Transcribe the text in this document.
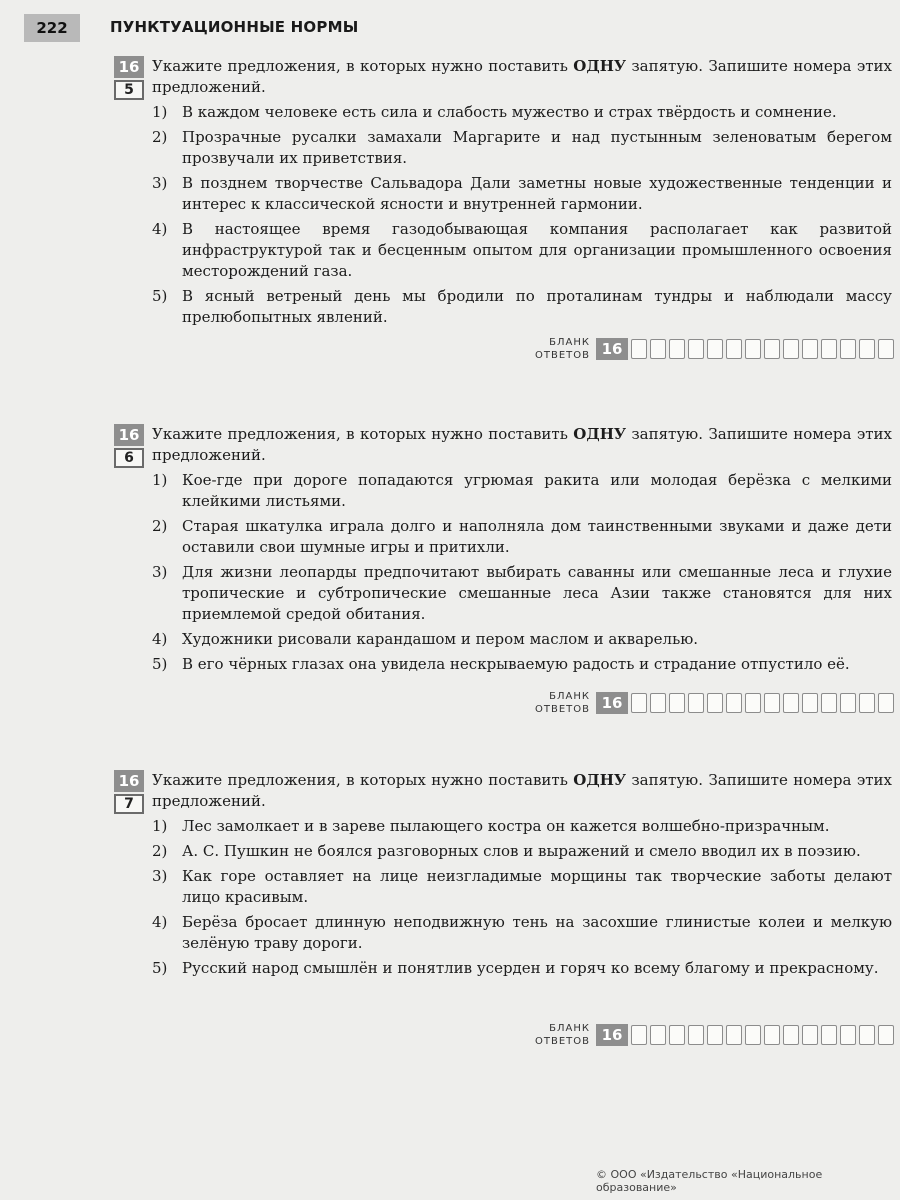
222	ПУНКТУАЦИОННЫЕ НОРМЫ
16
5
Укажите предложения, в которых нужно поставить ОДНУ запятую. Запишите номера этих предложений.
1) В каждом человеке есть сила и слабость мужество и страх твёрдость и сомнение.
2) Прозрачные русалки замахали Маргарите и над пустынным зеленоватым берегом прозвучали их приветствия.
3) В позднем творчестве Сальвадора Дали заметны новые художественные тенденции и интерес к классической ясности и внутренней гармонии.
4) В настоящее время газодобывающая компания располагает как развитой инфраструктурой так и бесценным опытом для организации промышленного освоения месторождений газа.
5) В ясный ветреный день мы бродили по проталинам тундры и наблюдали массу прелюбопытных явлений.
БЛАНК
ОТВЕТОВ 16
16
6
Укажите предложения, в которых нужно поставить ОДНУ запятую. Запишите номера этих предложений.
1) Кое-где при дороге попадаются угрюмая ракита или молодая берёзка с мелкими клейкими листьями.
2) Старая шкатулка играла долго и наполняла дом таинственными звуками и даже дети оставили свои шумные игры и притихли.
3) Для жизни леопарды предпочитают выбирать саванны или смешанные леса и глухие тропические и субтропические смешанные леса Азии также становятся для них приемлемой средой обитания.
4) Художники рисовали карандашом и пером маслом и акварелью.
5) В его чёрных глазах она увидела нескрываемую радость и страдание отпустило её.
БЛАНК
ОТВЕТОВ 16
16
7
Укажите предложения, в которых нужно поставить ОДНУ запятую. Запишите номера этих предложений.
1) Лес замолкает и в зареве пылающего костра он кажется волшебно-призрачным.
2) А. С. Пушкин не боялся разговорных слов и выражений и смело вводил их в поэзию.
3) Как горе оставляет на лице неизгладимые морщины так творческие заботы делают лицо красивым.
4) Берёза бросает длинную неподвижную тень на засохшие глинистые колеи и мелкую зелёную траву дороги.
5) Русский народ смышлён и понятлив усерден и горяч ко всему благому и прекрасному.
БЛАНК
ОТВЕТОВ 16
© ООО «Издательство «Национальное образование»
